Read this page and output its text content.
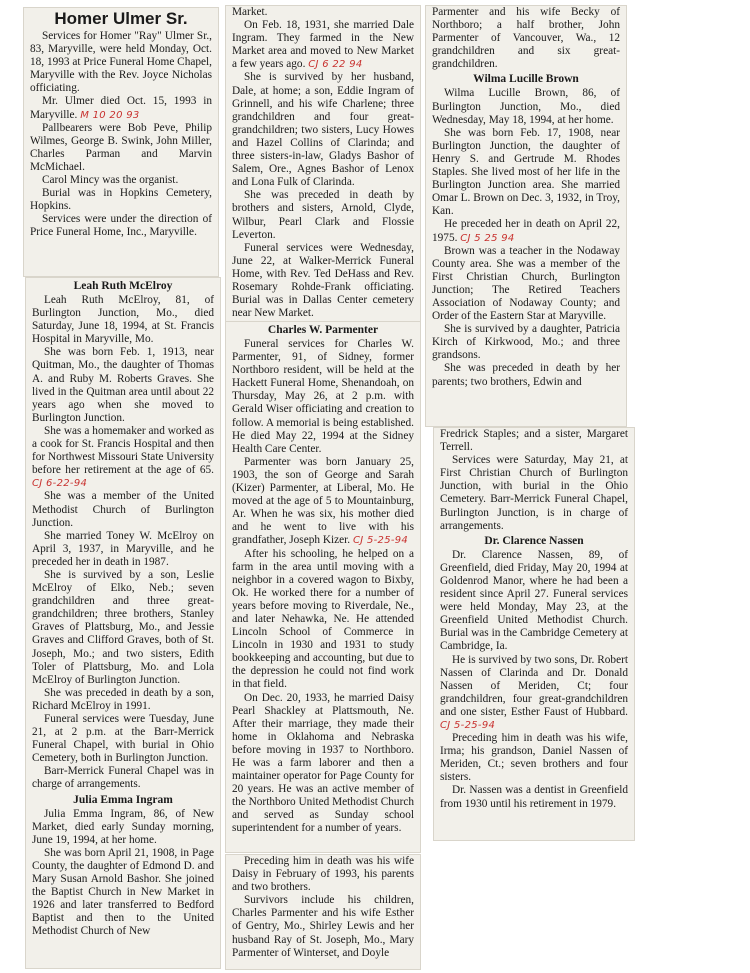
Homer Ulmer Sr.

Services for Homer "Ray" Ulmer Sr., 83, Maryville, were held Monday, Oct. 18, 1993 at Price Funeral Home Chapel, Maryville with the Rev. Joyce Nicholas officiating.

Mr. Ulmer died Oct. 15, 1993 in Maryville. M 10 20 93

Pallbearers were Bob Peve, Philip Wilmes, George B. Swink, John Miller, Charles Parman and Marvin McMichael.

Carol Mincy was the organist.

Burial was in Hopkins Cemetery, Hopkins.

Services were under the direction of Price Funeral Home, Inc., Maryville.

Leah Ruth McElroy

Leah Ruth McElroy, 81, of Burlington Junction, Mo., died Saturday, June 18, 1994, at St. Francis Hospital in Maryville, Mo.

She was born Feb. 1, 1913, near Quitman, Mo., the daughter of Thomas A. and Ruby M. Roberts Graves. She lived in the Quitman area until about 22 years ago when she moved to Burlington Junction.

She was a homemaker and worked as a cook for St. Francis Hospital and then for Northwest Missouri State University before her retirement at the age of 65. CJ 6-22-94

She was a member of the United Methodist Church of Burlington Junction.

She married Toney W. McElroy on April 3, 1937, in Maryville, and he preceded her in death in 1987.

She is survived by a son, Leslie McElroy of Elko, Neb.; seven grandchildren and three great-grandchildren; three brothers, Stanley Graves of Plattsburg, Mo., and Jessie Graves and Clifford Graves, both of St. Joseph, Mo.; and two sisters, Edith Toler of Plattsburg, Mo. and Lola McElroy of Burlington Junction.

She was preceded in death by a son, Richard McElroy in 1991.

Funeral services were Tuesday, June 21, at 2 p.m. at the Barr-Merrick Funeral Chapel, with burial in Ohio Cemetery, both in Burlington Junction.

Barr-Merrick Funeral Chapel was in charge of arrangements.

Julia Emma Ingram

Julia Emma Ingram, 86, of New Market, died early Sunday morning, June 19, 1994, at her home.

She was born April 21, 1908, in Page County, the daughter of Edmond D. and Mary Susan Arnold Bashor. She joined the Baptist Church in New Market in 1926 and later transferred to Bedford Baptist and then to the United Methodist Church of New

Market.

On Feb. 18, 1931, she married Dale Ingram. They farmed in the New Market area and moved to New Market a few years ago. CJ 6 22 94

She is survived by her husband, Dale, at home; a son, Eddie Ingram of Grinnell, and his wife Charlene; three grandchildren and four great-grandchildren; two sisters, Lucy Howes and Hazel Collins of Clarinda; and three sisters-in-law, Gladys Bashor of Salem, Ore., Agnes Bashor of Lenox and Lona Fulk of Clarinda.

She was preceded in death by brothers and sisters, Arnold, Clyde, Wilbur, Pearl Clark and Flossie Leverton.

Funeral services were Wednesday, June 22, at Walker-Merrick Funeral Home, with Rev. Ted DeHass and Rev. Rosemary Rohde-Frank officiating. Burial was in Dallas Center cemetery near New Market.

Charles W. Parmenter

Funeral services for Charles W. Parmenter, 91, of Sidney, former Northboro resident, will be held at the Hackett Funeral Home, Shenandoah, on Thursday, May 26, at 2 p.m. with Gerald Wiser officiating and creation to follow. A memorial is being established. He died May 22, 1994 at the Sidney Health Care Center.

Parmenter was born January 25, 1903, the son of George and Sarah (Kizer) Parmenter, at Liberal, Mo. He moved at the age of 5 to Mountainburg, Ar. When he was six, his mother died and he went to live with his grandfather, Joseph Kizer. CJ 5-25-94

After his schooling, he helped on a farm in the area until moving with a neighbor in a covered wagon to Bixby, Ok. He worked there for a number of years before moving to Riverdale, Ne., and later Nehawka, Ne. He attended Lincoln School of Commerce in Lincoln in 1930 and 1931 to study bookkeeping and accounting, but due to the depression he could not find work in that field.

On Dec. 20, 1933, he married Daisy Pearl Shackley at Plattsmouth, Ne. After their marriage, they made their home in Oklahoma and Nebraska before moving in 1937 to Northboro. He was a farm laborer and then a maintainer operator for Page County for 20 years. He was an active member of the Northboro United Methodist Church and served as Sunday school superintendent for a number of years.

Preceding him in death was his wife Daisy in February of 1993, his parents and two brothers.

Survivors include his children, Charles Parmenter and his wife Esther of Gentry, Mo., Shirley Lewis and her husband Ray of St. Joseph, Mo., Mary Parmenter of Winterset, and Doyle

Parmenter and his wife Becky of Northboro; a half brother, John Parmenter of Vancouver, Wa., 12 grandchildren and six great-grandchildren.

Wilma Lucille Brown

Wilma Lucille Brown, 86, of Burlington Junction, Mo., died Wednesday, May 18, 1994, at her home.

She was born Feb. 17, 1908, near Burlington Junction, the daughter of Henry S. and Gertrude M. Rhodes Staples. She lived most of her life in the Burlington Junction area. She married Omar L. Brown on Dec. 3, 1932, in Troy, Kan.

He preceded her in death on April 22, 1975. CJ 5 25 94

Brown was a teacher in the Nodaway County area. She was a member of the First Christian Church, Burlington Junction; The Retired Teachers Association of Nodaway County; and Order of the Eastern Star at Maryville.

She is survived by a daughter, Patricia Kirch of Kirkwood, Mo.; and three grandsons.

She was preceded in death by her parents; two brothers, Edwin and

Fredrick Staples; and a sister, Margaret Terrell.

Services were Saturday, May 21, at First Christian Church of Burlington Junction, with burial in the Ohio Cemetery. Barr-Merrick Funeral Chapel, Burlington Junction, is in charge of arrangements.

Dr. Clarence Nassen

Dr. Clarence Nassen, 89, of Greenfield, died Friday, May 20, 1994 at Goldenrod Manor, where he had been a resident since April 27. Funeral services were held Monday, May 23, at the Greenfield United Methodist Church. Burial was in the Cambridge Cemetery at Cambridge, Ia.

He is survived by two sons, Dr. Robert Nassen of Clarinda and Dr. Donald Nassen of Meriden, Ct; four grandchildren, four great-grandchildren and one sister, Esther Faust of Hubbard. CJ 5-25-94

Preceding him in death was his wife, Irma; his grandson, Daniel Nassen of Meriden, Ct.; seven brothers and four sisters.

Dr. Nassen was a dentist in Greenfield from 1930 until his retirement in 1979.
